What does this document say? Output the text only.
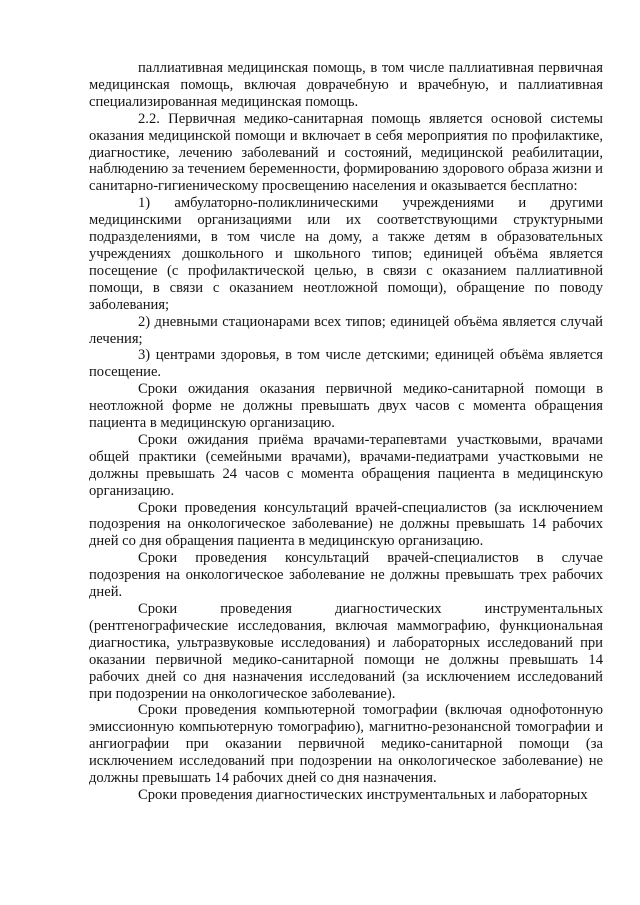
паллиативная медицинская помощь, в том числе паллиативная первичная медицинская помощь, включая доврачебную и врачебную, и паллиативная специализированная медицинская помощь.

2.2. Первичная медико-санитарная помощь является основой системы оказания медицинской помощи и включает в себя мероприятия по профилактике, диагностике, лечению заболеваний и состояний, медицинской реабилитации, наблюдению за течением беременности, формированию здорового образа жизни и санитарно-гигиеническому просвещению населения и оказывается бесплатно:

1) амбулаторно-поликлиническими учреждениями и другими медицинскими организациями или их соответствующими структурными подразделениями, в том числе на дому, а также детям в образовательных учреждениях дошкольного и школьного типов; единицей объёма является посещение (с профилактической целью, в связи с оказанием паллиативной помощи, в связи с оказанием неотложной помощи), обращение по поводу заболевания;

2) дневными стационарами всех типов; единицей объёма является случай лечения;

3) центрами здоровья, в том числе детскими; единицей объёма является посещение.

Сроки ожидания оказания первичной медико-санитарной помощи в неотложной форме не должны превышать двух часов с момента обращения пациента в медицинскую организацию.

Сроки ожидания приёма врачами-терапевтами участковыми, врачами общей практики (семейными врачами), врачами-педиатрами участковыми не должны превышать 24 часов с момента обращения пациента в медицинскую организацию.

Сроки проведения консультаций врачей-специалистов (за исключением подозрения на онкологическое заболевание) не должны превышать 14 рабочих дней со дня обращения пациента в медицинскую организацию.

Сроки проведения консультаций врачей-специалистов в случае подозрения на онкологическое заболевание не должны превышать трех рабочих дней.

Сроки проведения диагностических инструментальных (рентгенографические исследования, включая маммографию, функциональная диагностика, ультразвуковые исследования) и лабораторных исследований при оказании первичной медико-санитарной помощи не должны превышать 14 рабочих дней со дня назначения исследований (за исключением исследований при подозрении на онкологическое заболевание).

Сроки проведения компьютерной томографии (включая однофотонную эмиссионную компьютерную томографию), магнитно-резонансной томографии и ангиографии при оказании первичной медико-санитарной помощи (за исключением исследований при подозрении на онкологическое заболевание) не должны превышать 14 рабочих дней со дня назначения.

Сроки проведения диагностических инструментальных и лабораторных
